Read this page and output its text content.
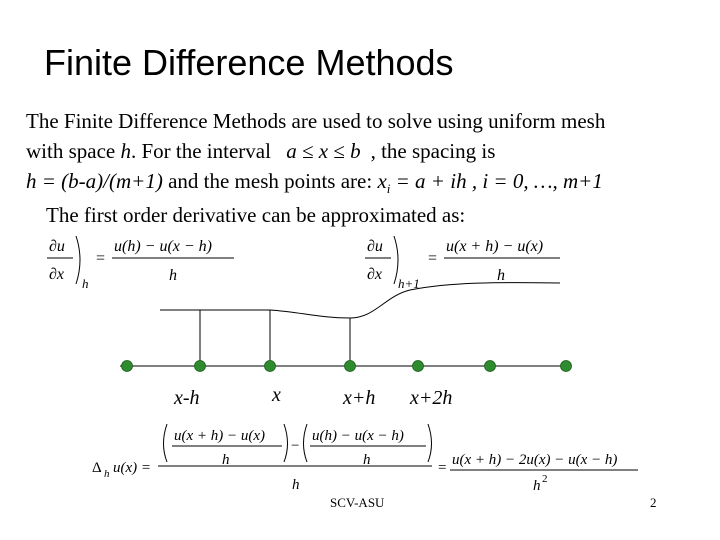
Finite Difference Methods
The Finite Difference Methods are used to solve using uniform mesh
with space h. For the interval a ≤ x ≤ b , the spacing is
h = (b-a)/(m+1) and the mesh points are: $x_i = a$ + ih , i = 0, …, m+1
The first order derivative can be approximated as:
∂u
∂x
h
=
u(h) − u(x − h)
h
∂u
∂x
h+1
=
u(x + h) − u(x)
h
Δ h u(x) =
u(x + h) − u(x)
h
−
u(h) − u(x − h)
h
h
= u(x + h) − 2u(x) − u(x − h)
h 2
x-h	x	x+h x+2h
SCV-ASU	2
